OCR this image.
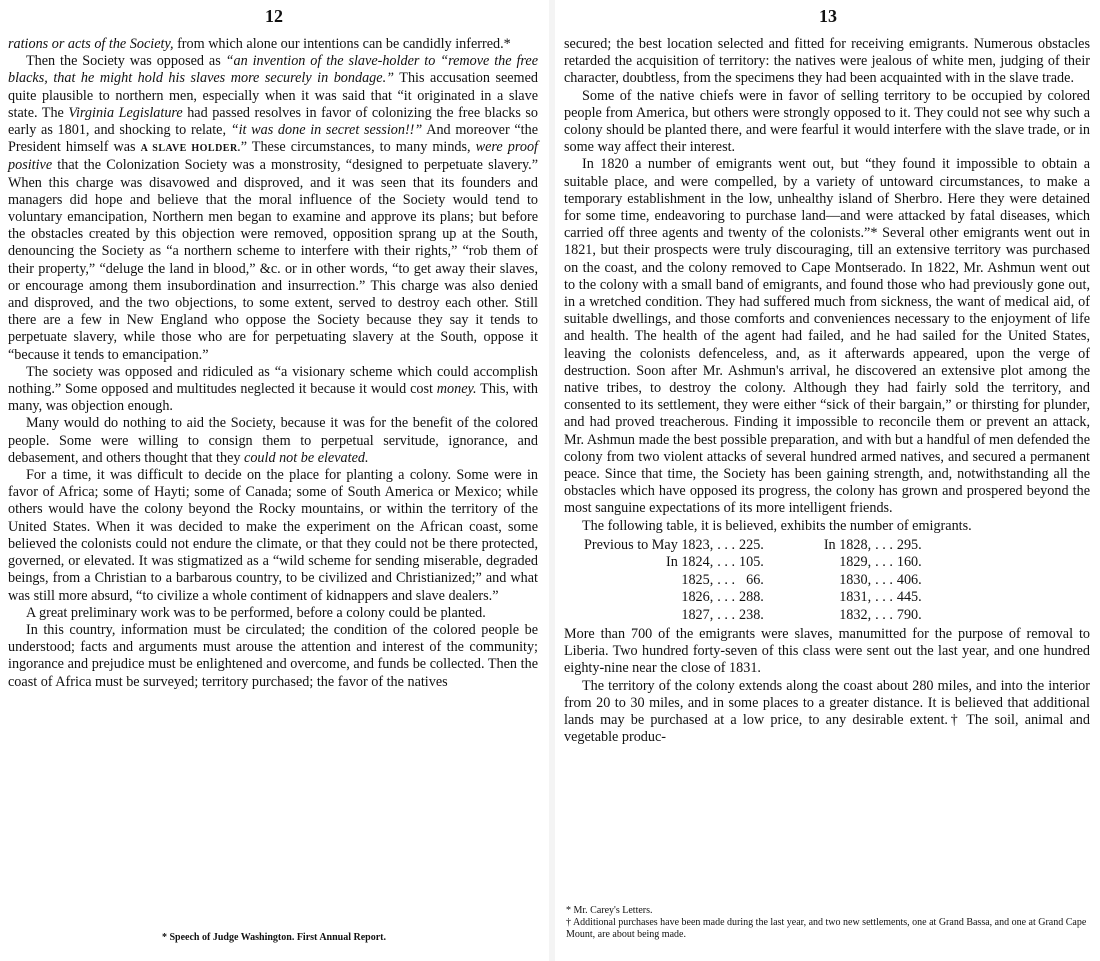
12

rations or acts of the Society, from which alone our intentions can be candidly inferred.*

Then the Society was opposed as “an invention of the slave-holder to “remove the free blacks, that he might hold his slaves more securely in bondage.” This accusation seemed quite plausible to northern men, especially when it was said that “it originated in a slave state. The Virginia Legislature had passed resolves in favor of colonizing the free blacks so early as 1801, and shocking to relate, “it was done in secret session!!” And moreover “the President himself was A SLAVE HOLDER.” These circumstances, to many minds, were proof positive that the Colonization Society was a monstrosity, “designed to perpetuate slavery.” When this charge was disavowed and disproved, and it was seen that its founders and managers did hope and believe that the moral influence of the Society would tend to voluntary emancipation, Northern men began to examine and approve its plans; but before the obstacles created by this objection were removed, opposition sprang up at the South, denouncing the Society as “a northern scheme to interfere with their rights,” “rob them of their property,” “deluge the land in blood,” &c. or in other words, “to get away their slaves, or encourage among them insubordination and insurrection.” This charge was also denied and disproved, and the two objections, to some extent, served to destroy each other. Still there are a few in New England who oppose the Society because they say it tends to perpetuate slavery, while those who are for perpetuating slavery at the South, oppose it “because it tends to emancipation.”

The society was opposed and ridiculed as “a visionary scheme which could accomplish nothing.” Some opposed and multitudes neglected it because it would cost money. This, with many, was objection enough.

Many would do nothing to aid the Society, because it was for the benefit of the colored people. Some were willing to consign them to perpetual servitude, ignorance, and debasement, and others thought that they could not be elevated.

For a time, it was difficult to decide on the place for planting a colony. Some were in favor of Africa; some of Hayti; some of Canada; some of South America or Mexico; while others would have the colony beyond the Rocky mountains, or within the territory of the United States. When it was decided to make the experiment on the African coast, some believed the colonists could not endure the climate, or that they could not be there protected, governed, or elevated. It was stigmatized as a “wild scheme for sending miserable, degraded beings, from a Christian to a barbarous country, to be civilized and Christianized;” and what was still more absurd, “to civilize a whole contiment of kidnappers and slave dealers.”

A great preliminary work was to be performed, before a colony could be planted.

In this country, information must be circulated; the condition of the colored people be understood; facts and arguments must arouse the attention and interest of the community; ingorance and prejudice must be enlightened and overcome, and funds be collected. Then the coast of Africa must be surveyed; territory purchased; the favor of the natives

* Speech of Judge Washington. First Annual Report.
13

secured; the best location selected and fitted for receiving emigrants. Numerous obstacles retarded the acquisition of territory: the natives were jealous of white men, judging of their character, doubtless, from the specimens they had been acquainted with in the slave trade.

Some of the native chiefs were in favor of selling territory to be occupied by colored people from America, but others were strongly opposed to it. They could not see why such a colony should be planted there, and were fearful it would interfere with the slave trade, or in some way affect their interest.

In 1820 a number of emigrants went out, but “they found it impossible to obtain a suitable place, and were compelled, by a variety of untoward circumstances, to make a temporary establishment in the low, unhealthy island of Sherbro. Here they were detained for some time, endeavoring to purchase land—and were attacked by fatal diseases, which carried off three agents and twenty of the colonists.”* Several other emigrants went out in 1821, but their prospects were truly discouraging, till an extensive territory was purchased on the coast, and the colony removed to Cape Montserado. In 1822, Mr. Ashmun went out to the colony with a small band of emigrants, and found those who had previously gone out, in a wretched condition. They had suffered much from sickness, the want of medical aid, of suitable dwellings, and those comforts and conveniences necessary to the enjoyment of life and health. The health of the agent had failed, and he had sailed for the United States, leaving the colonists defenceless, and, as it afterwards appeared, upon the verge of destruction. Soon after Mr. Ashmun's arrival, he discovered an extensive plot among the native tribes, to destroy the colony. Although they had fairly sold the territory, and consented to its settlement, they were either “sick of their bargain,” or thirsting for plunder, and had proved treacherous. Finding it impossible to reconcile them or prevent an attack, Mr. Ashmun made the best possible preparation, and with but a handful of men defended the colony from two violent attacks of several hundred armed natives, and secured a permanent peace. Since that time, the Society has been gaining strength, and, notwithstanding all the obstacles which have opposed its progress, the colony has grown and prospered beyond the most sanguine expectations of its more intelligent friends.

The following table, it is believed, exhibits the number of emigrants.

Previous to May 1823,	. . .	225.
In 1824,	. . .	105.
1825,	. . .	66.
1826,	. . .	288.
1827,	. . .	238.
In 1828,	. . .	295.
1829,	. . .	160.
1830,	. . .	406.
1831,	. . .	445.
1832,	. . .	790.

More than 700 of the emigrants were slaves, manumitted for the purpose of removal to Liberia. Two hundred forty-seven of this class were sent out the last year, and one hundred eighty-nine near the close of 1831.

The territory of the colony extends along the coast about 280 miles, and into the interior from 20 to 30 miles, and in some places to a greater distance. It is believed that additional lands may be purchased at a low price, to any desirable extent.† The soil, animal and vegetable produc-

* Mr. Carey's Letters.
† Additional purchases have been made during the last year, and two new settlements, one at Grand Bassa, and one at Grand Cape Mount, are about being made.
